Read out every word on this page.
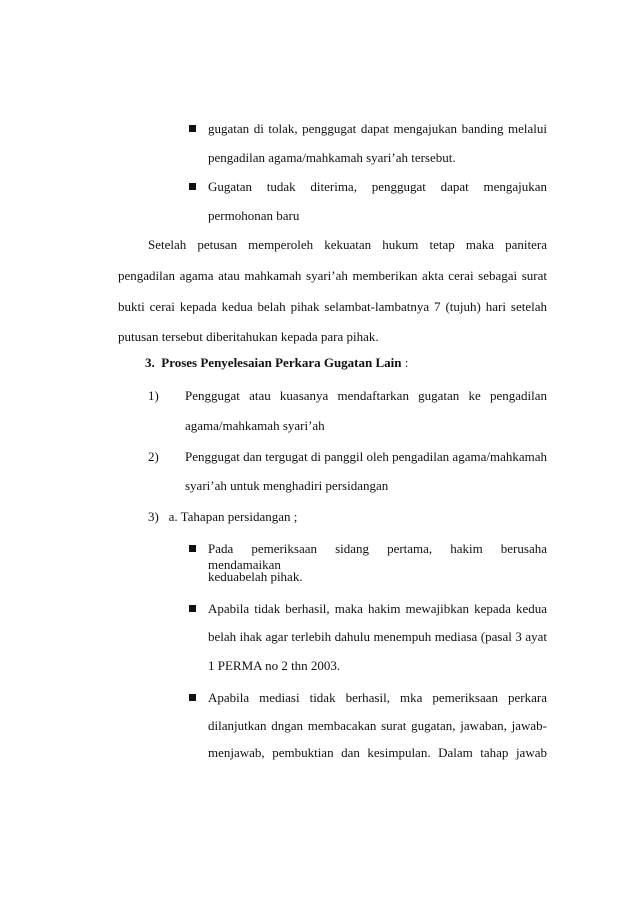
gugatan di tolak, penggugat dapat mengajukan banding melalui
pengadilan agama/mahkamah syari’ah tersebut.
Gugatan tudak diterima, penggugat dapat mengajukan
permohonan baru
Setelah petusan memperoleh kekuatan hukum tetap maka panitera
pengadilan agama atau mahkamah syari’ah memberikan akta cerai sebagai surat
bukti cerai kepada kedua belah pihak selambat-lambatnya 7 (tujuh) hari setelah
putusan tersebut diberitahukan kepada para pihak.
3. Proses Penyelesaian Perkara Gugatan Lain :
1) Penggugat atau kuasanya mendaftarkan gugatan ke pengadilan
agama/mahkamah syari’ah
2) Penggugat dan tergugat di panggil oleh pengadilan agama/mahkamah
syari’ah untuk menghadiri persidangan
3)   a. Tahapan persidangan ;
Pada pemeriksaan sidang pertama, hakim berusaha mendamaikan
keduabelah pihak.
Apabila tidak berhasil, maka hakim mewajibkan kepada kedua
belah ihak agar terlebih dahulu menempuh mediasa (pasal 3 ayat
1 PERMA no 2 thn 2003.
Apabila mediasi tidak berhasil, mka pemeriksaan perkara
dilanjutkan dngan membacakan surat gugatan, jawaban, jawab-
menjawab, pembuktian dan kesimpulan. Dalam tahap jawab
